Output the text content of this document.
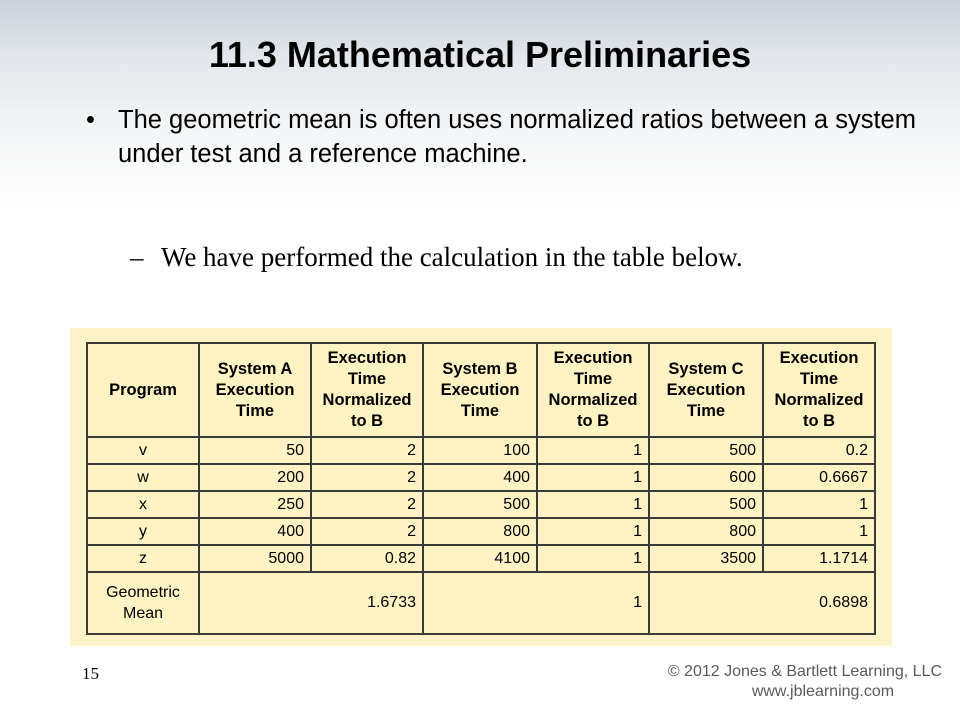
11.3 Mathematical Preliminaries
• The geometric mean is often uses normalized ratios between a system under test and a reference machine.
– We have performed the calculation in the table below.
Program	System A Execution Time	Execution Time Normalized to B	System B Execution Time	Execution Time Normalized to B	System C Execution Time	Execution Time Normalized to B
v	50	2	100	1	500	0.2
w	200	2	400	1	600	0.6667
x	250	2	500	1	500	1
y	400	2	800	1	800	1
z	5000	0.82	4100	1	3500	1.1714
Geometric Mean	1.6733		1		0.6898	
15	© 2012 Jones & Bartlett Learning, LLC
www.jblearning.com
